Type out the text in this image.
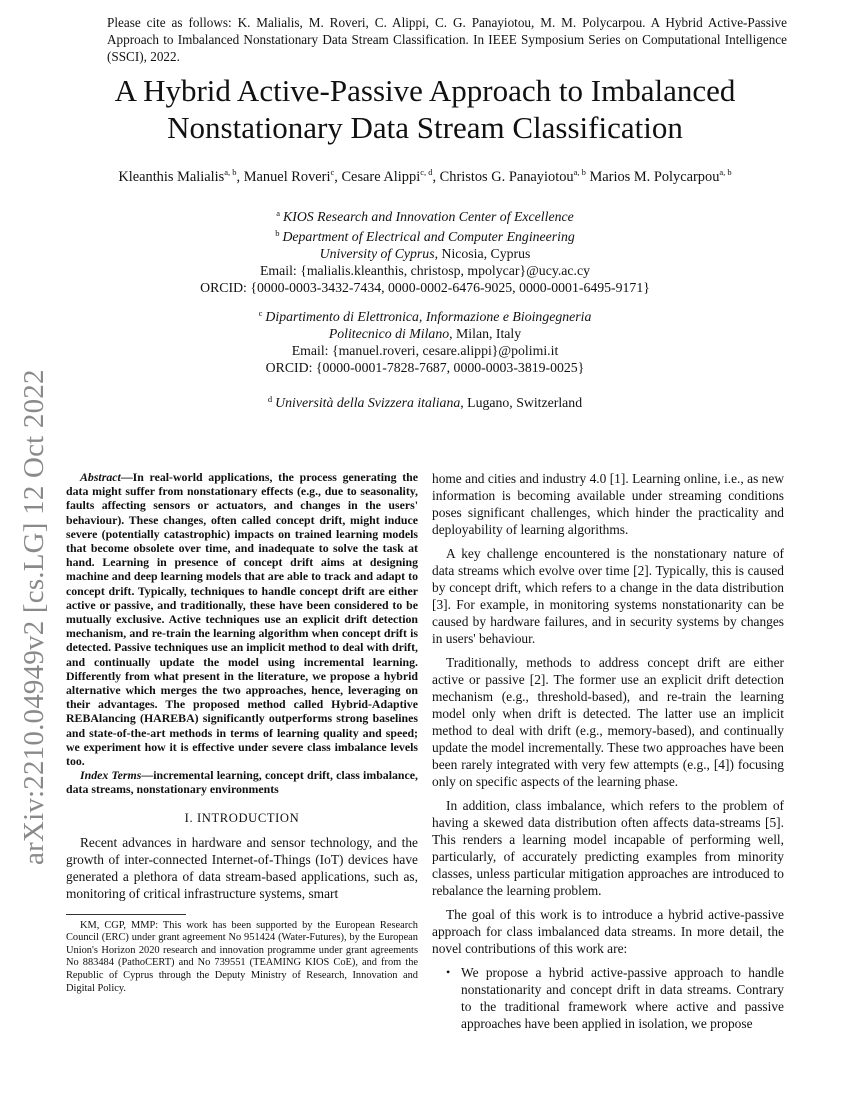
Please cite as follows: K. Malialis, M. Roveri, C. Alippi, C. G. Panayiotou, M. M. Polycarpou. A Hybrid Active-Passive Approach to Imbalanced Nonstationary Data Stream Classification. In IEEE Symposium Series on Computational Intelligence (SSCI), 2022.
A Hybrid Active-Passive Approach to Imbalanced Nonstationary Data Stream Classification
Kleanthis Malialis$^{a, b}$, Manuel Roveri$^c$, Cesare Alippi$^{c, d}$, Christos G. Panayiotou$^{a, b}$ Marios M. Polycarpou$^{a, b}$
$^a$ KIOS Research and Innovation Center of Excellence
$^b$ Department of Electrical and Computer Engineering
University of Cyprus, Nicosia, Cyprus
Email: {malialis.kleanthis, christosp, mpolycar}@ucy.ac.cy
ORCID: {0000-0003-3432-7434, 0000-0002-6476-9025, 0000-0001-6495-9171}
$^c$ Dipartimento di Elettronica, Informazione e Bioingegneria
Politecnico di Milano, Milan, Italy
Email: {manuel.roveri, cesare.alippi}@polimi.it
ORCID: {0000-0001-7828-7687, 0000-0003-3819-0025}
$^d$ Università della Svizzera italiana, Lugano, Switzerland
arXiv:2210.04949v2 [cs.LG] 12 Oct 2022	Abstract—In real-world applications, the process generating the data might suffer from nonstationary effects (e.g., due to seasonality, faults affecting sensors or actuators, and changes in the users' behaviour). These changes, often called concept drift, might induce severe (potentially catastrophic) impacts on trained learning models that become obsolete over time, and inadequate to solve the task at hand. Learning in presence of concept drift aims at designing machine and deep learning models that are able to track and adapt to concept drift. Typically, techniques to handle concept drift are either active or passive, and traditionally, these have been considered to be mutually exclusive. Active techniques use an explicit drift detection mechanism, and re-train the learning algorithm when concept drift is detected. Passive techniques use an implicit method to deal with drift, and continually update the model using incremental learning. Differently from what present in the literature, we propose a hybrid alternative which merges the two approaches, hence, leveraging on their advantages. The proposed method called Hybrid-Adaptive REBAlancing (HAREBA) significantly outperforms strong baselines and state-of-the-art methods in terms of learning quality and speed; we experiment how it is effective under severe class imbalance levels too.

Index Terms—incremental learning, concept drift, class imbalance, data streams, nonstationary environments

I. INTRODUCTION

Recent advances in hardware and sensor technology, and the growth of inter-connected Internet-of-Things (IoT) devices have generated a plethora of data stream-based applications, such as, monitoring of critical infrastructure systems, smart

KM, CGP, MMP: This work has been supported by the European Research Council (ERC) under grant agreement No 951424 (Water-Futures), by the European Union's Horizon 2020 research and innovation programme under grant agreements No 883484 (PathoCERT) and No 739551 (TEAMING KIOS CoE), and from the Republic of Cyprus through the Deputy Ministry of Research, Innovation and Digital Policy.

home and cities and industry 4.0 [1]. Learning online, i.e., as new information is becoming available under streaming conditions poses significant challenges, which hinder the practicality and deployability of learning algorithms.

A key challenge encountered is the nonstationary nature of data streams which evolve over time [2]. Typically, this is caused by concept drift, which refers to a change in the data distribution [3]. For example, in monitoring systems nonstationarity can be caused by hardware failures, and in security systems by changes in users' behaviour.

Traditionally, methods to address concept drift are either active or passive [2]. The former use an explicit drift detection mechanism (e.g., threshold-based), and re-train the learning model only when drift is detected. The latter use an implicit method to deal with drift (e.g., memory-based), and continually update the model incrementally. These two approaches have been been rarely integrated with very few attempts (e.g., [4]) focusing only on specific aspects of the learning phase.

In addition, class imbalance, which refers to the problem of having a skewed data distribution often affects data-streams [5]. This renders a learning model incapable of performing well, particularly, of accurately predicting examples from minority classes, unless particular mitigation approaches are introduced to rebalance the learning problem.

The goal of this work is to introduce a hybrid active-passive approach for class imbalanced data streams. In more detail, the novel contributions of this work are:

• We propose a hybrid active-passive approach to handle nonstationarity and concept drift in data streams. Contrary to the traditional framework where active and passive approaches have been applied in isolation, we propose
